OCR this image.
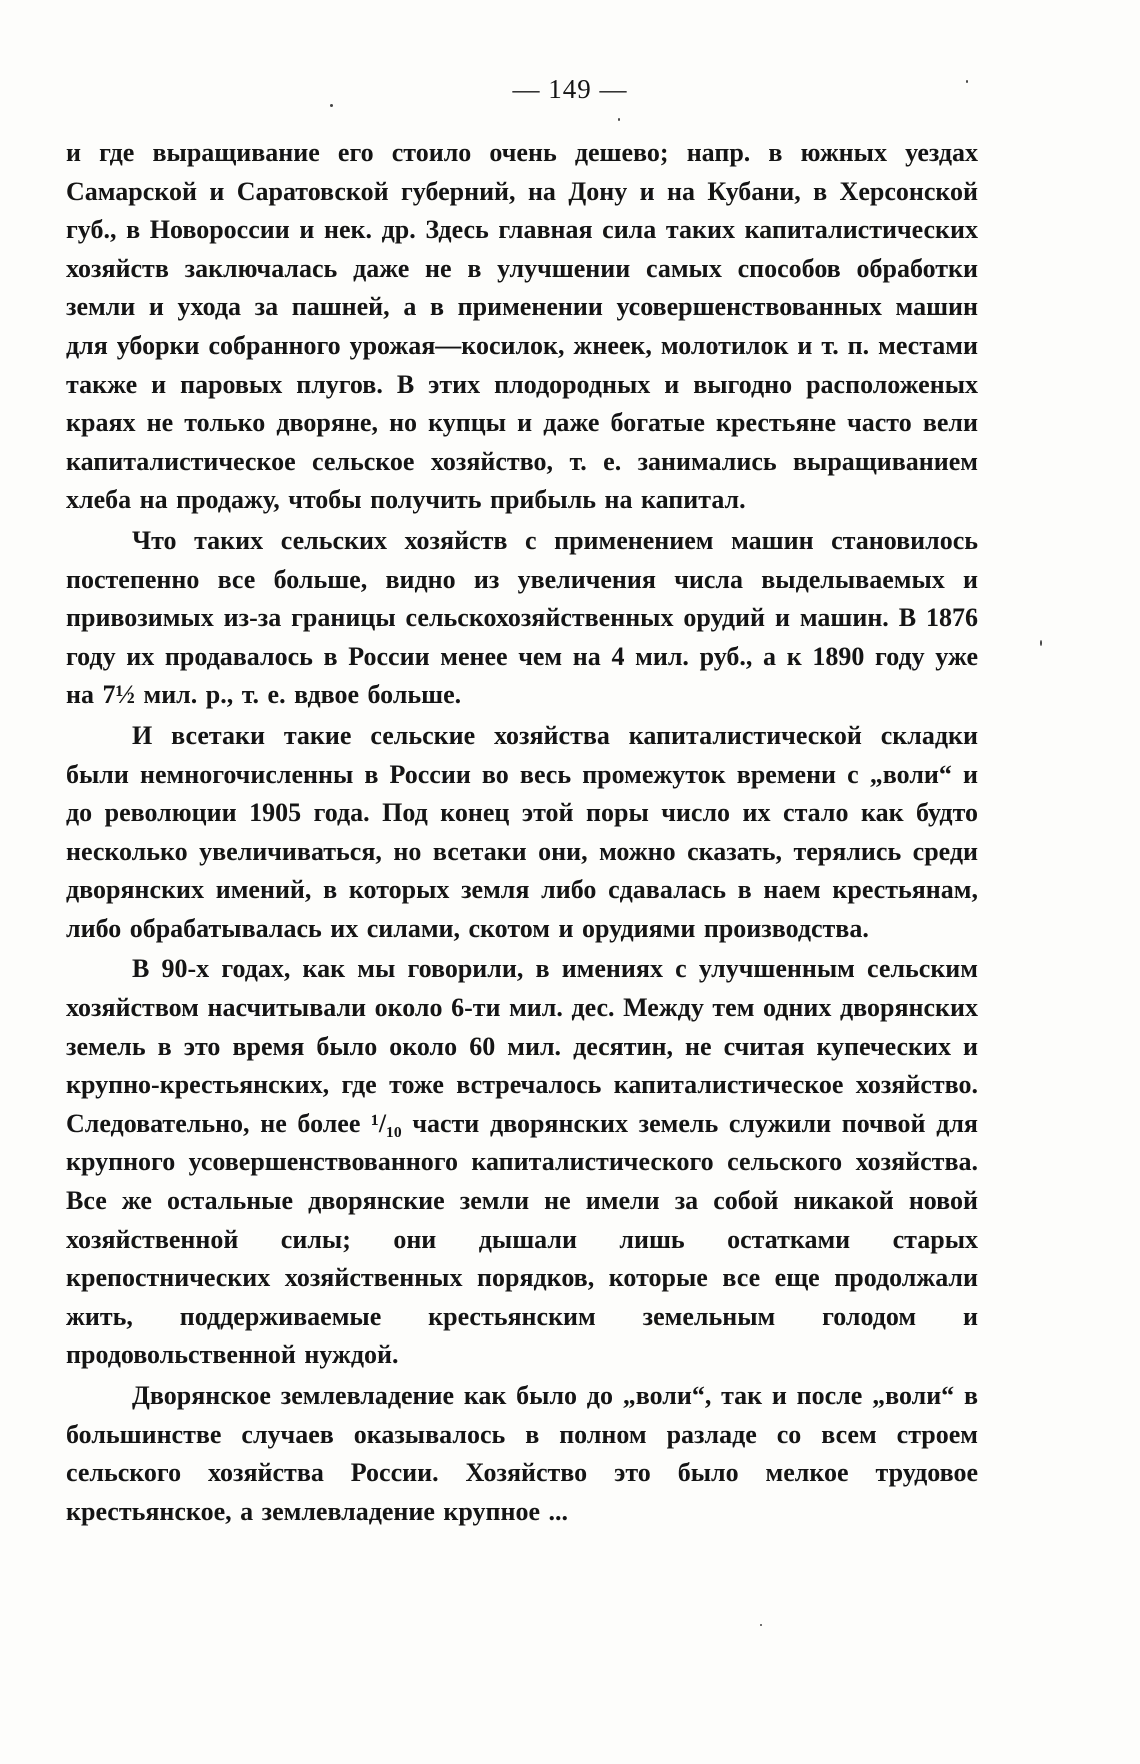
— 149 —

и где выращивание его стоило очень дешево; напр. в южных уездах Самарской и Саратовской губерний, на Дону и на Кубани, в Херсонской губ., в Новороссии и нек. др. Здесь главная сила таких капиталистических хозяйств заключалась даже не в улучшении самых способов обработки земли и ухода за пашней, а в применении усовершенствованных машин для уборки собранного урожая—косилок, жнеек, молотилок и т. п. местами также и паровых плугов. В этих плодородных и выгодно расположеных краях не только дворяне, но купцы и даже богатые крестьяне часто вели капиталистическое сельское хозяйство, т. е. занимались выращиванием хлеба на продажу, чтобы получить прибыль на капитал.

Что таких сельских хозяйств с применением машин становилось постепенно все больше, видно из увеличения числа выделываемых и привозимых из-за границы сельскохозяйственных орудий и машин. В 1876 году их продавалось в России менее чем на 4 мил. руб., а к 1890 году уже на 7½ мил. р., т. е. вдвое больше.

И всетаки такие сельские хозяйства капиталистической складки были немногочисленны в России во весь промежуток времени с „воли“ и до революции 1905 года. Под конец этой поры число их стало как будто несколько увеличиваться, но всетаки они, можно сказать, терялись среди дворянских имений, в которых земля либо сдавалась в наем крестьянам, либо обрабатывалась их силами, скотом и орудиями производства.

В 90-х годах, как мы говорили, в имениях с улучшенным сельским хозяйством насчитывали около 6-ти мил. дес. Между тем одних дворянских земель в это время было около 60 мил. десятин, не считая купеческих и крупно-крестьянских, где тоже встречалось капиталистическое хозяйство. Следовательно, не более ¹/₁₀ части дворянских земель служили почвой для крупного усовершенствованного капиталистического сельского хозяйства. Все же остальные дворянские земли не имели за собой никакой новой хозяйственной силы; они дышали лишь остатками старых крепостнических хозяйственных порядков, которые все еще продолжали жить, поддерживаемые крестьянским земельным голодом и продовольственной нуждой.

Дворянское землевладение как было до „воли“, так и после „воли“ в большинстве случаев оказывалось в полном разладе со всем строем сельского хозяйства России. Хозяйство это было мелкое трудовое крестьянское, а землевладение крупное ...
